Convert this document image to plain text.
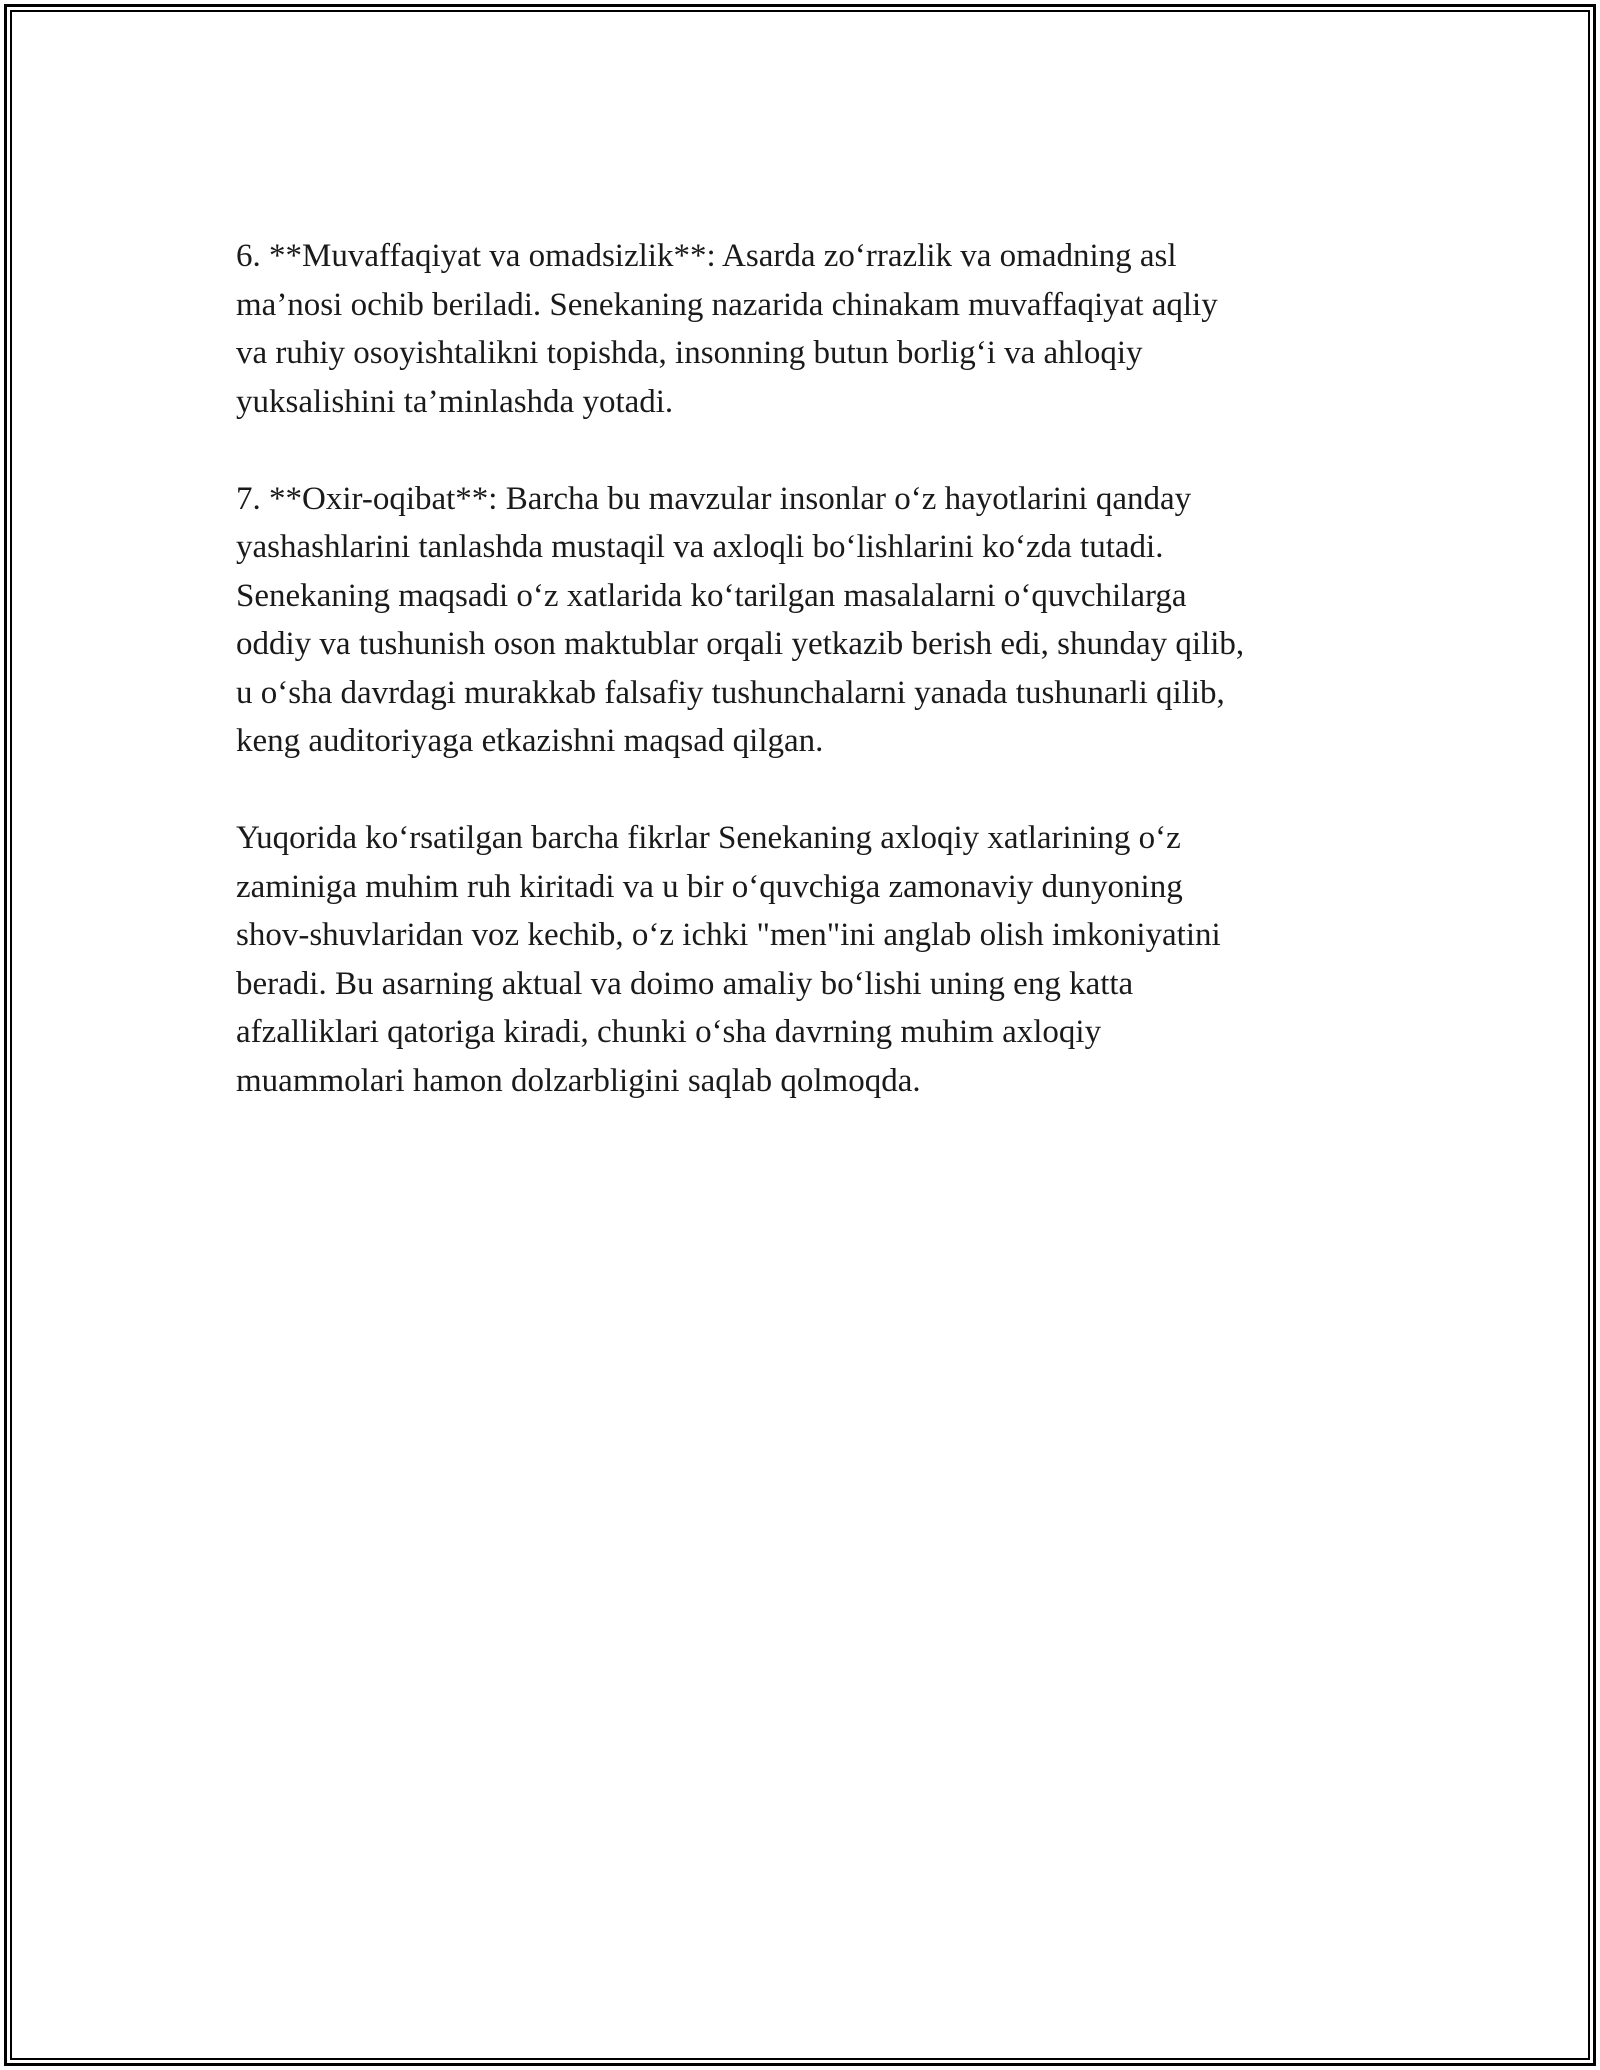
6. **Muvaffaqiyat va omadsizlik**: Asarda zo‘rrazlik va omadning asl
ma’nosi ochib beriladi. Senekaning nazarida chinakam muvaffaqiyat aqliy
va ruhiy osoyishtalikni topishda, insonning butun borlig‘i va ahloqiy
yuksalishini ta’minlashda yotadi.

7. **Oxir-oqibat**: Barcha bu mavzular insonlar o‘z hayotlarini qanday
yashashlarini tanlashda mustaqil va axloqli bo‘lishlarini ko‘zda tutadi.
Senekaning maqsadi o‘z xatlarida ko‘tarilgan masalalarni o‘quvchilarga
oddiy va tushunish oson maktublar orqali yetkazib berish edi, shunday qilib,
u o‘sha davrdagi murakkab falsafiy tushunchalarni yanada tushunarli qilib,
keng auditoriyaga etkazishni maqsad qilgan.

Yuqorida ko‘rsatilgan barcha fikrlar Senekaning axloqiy xatlarining o‘z
zaminiga muhim ruh kiritadi va u bir o‘quvchiga zamonaviy dunyoning
shov-shuvlaridan voz kechib, o‘z ichki "men"ini anglab olish imkoniyatini
beradi. Bu asarning aktual va doimo amaliy bo‘lishi uning eng katta
afzalliklari qatoriga kiradi, chunki o‘sha davrning muhim axloqiy
muammolari hamon dolzarbligini saqlab qolmoqda.
